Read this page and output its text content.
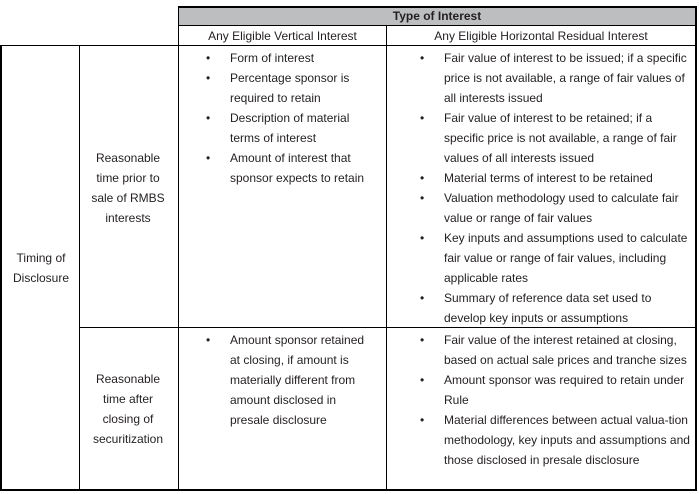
Type of Interest
Any Eligible Vertical Interest	Any Eligible Horizontal Residual Interest
Timing of Disclosure
Reasonable time prior to sale of RMBS interests
Reasonable time after closing of securitization
• Form of interest
• Percentage sponsor is required to retain
• Description of material terms of interest
• Amount of interest that sponsor expects to retain
• Fair value of interest to be issued; if a specific price is not available, a range of fair values of all interests issued
• Fair value of interest to be retained; if a specific price is not available, a range of fair values of all interests issued
• Material terms of interest to be retained
• Valuation methodology used to calculate fair value or range of fair values
• Key inputs and assumptions used to calculate fair value or range of fair values, including applicable rates
• Summary of reference data set used to develop key inputs or assumptions
• Amount sponsor retained at closing, if amount is materially different from amount disclosed in presale disclosure
• Fair value of the interest retained at closing, based on actual sale prices and tranche sizes
• Amount sponsor was required to retain under Rule
• Material differences between actual valua-tion methodology, key inputs and assumptions and those disclosed in presale disclosure
